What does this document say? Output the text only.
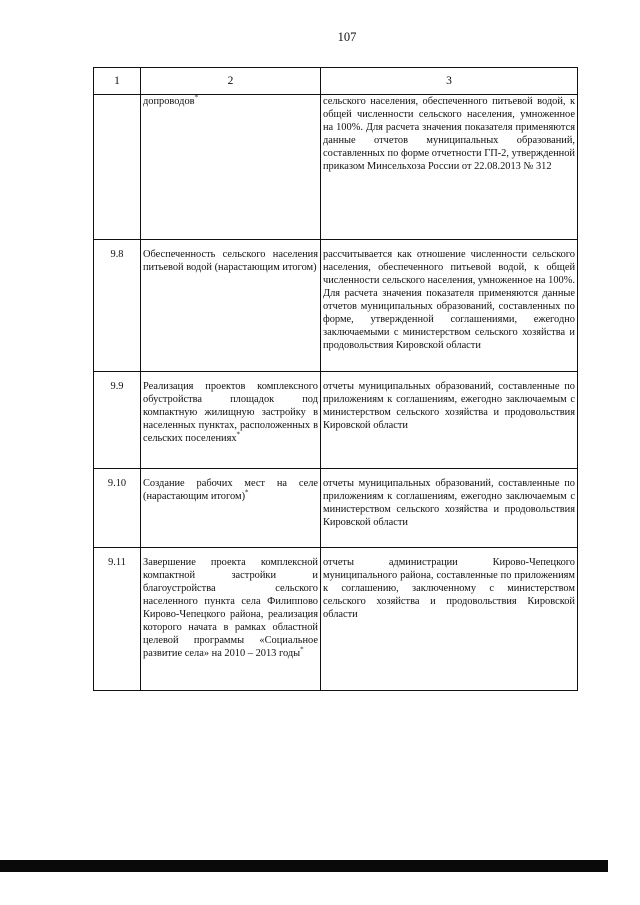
107
1	2	3
	допроводов*	сельского населения, обеспеченного питьевой водой, к общей численности сельского населения, умноженное на 100%. Для расчета значения показателя применяются данные отчетов муниципальных образований, составленных по форме отчетности ГП-2, утвержденной приказом Минсельхоза России от 22.08.2013 № 312
9.8	Обеспеченность сельского населения питьевой водой (нарастающим итогом)	рассчитывается как отношение численности сельского населения, обеспеченного питьевой водой, к общей численности сельского населения, умноженное на 100%. Для расчета значения показателя применяются данные отчетов муниципальных образований, составленных по форме, утвержденной соглашениями, ежегодно заключаемыми с министерством сельского хозяйства и продовольствия Кировской области
9.9	Реализация проектов комплексного обустройства площадок под компактную жилищную застройку в населенных пунктах, расположенных в сельских поселениях*	отчеты муниципальных образований, составленные по приложениям к соглашениям, ежегодно заключаемым с министерством сельского хозяйства и продовольствия Кировской области
9.10	Создание рабочих мест на селе (нарастающим итогом)*	отчеты муниципальных образований, составленные по приложениям к соглашениям, ежегодно заключаемым с министерством сельского хозяйства и продовольствия Кировской области
9.11	Завершение проекта комплексной компактной застройки и благоустройства сельского населенного пункта села Филиппово Кирово-Чепецкого района, реализация которого начата в рамках областной целевой программы «Социальное развитие села» на 2010 – 2013 годы*	отчеты администрации Кирово-Чепецкого муниципального района, составленные по приложениям к соглашению, заключенному с министерством сельского хозяйства и продовольствия Кировской области
